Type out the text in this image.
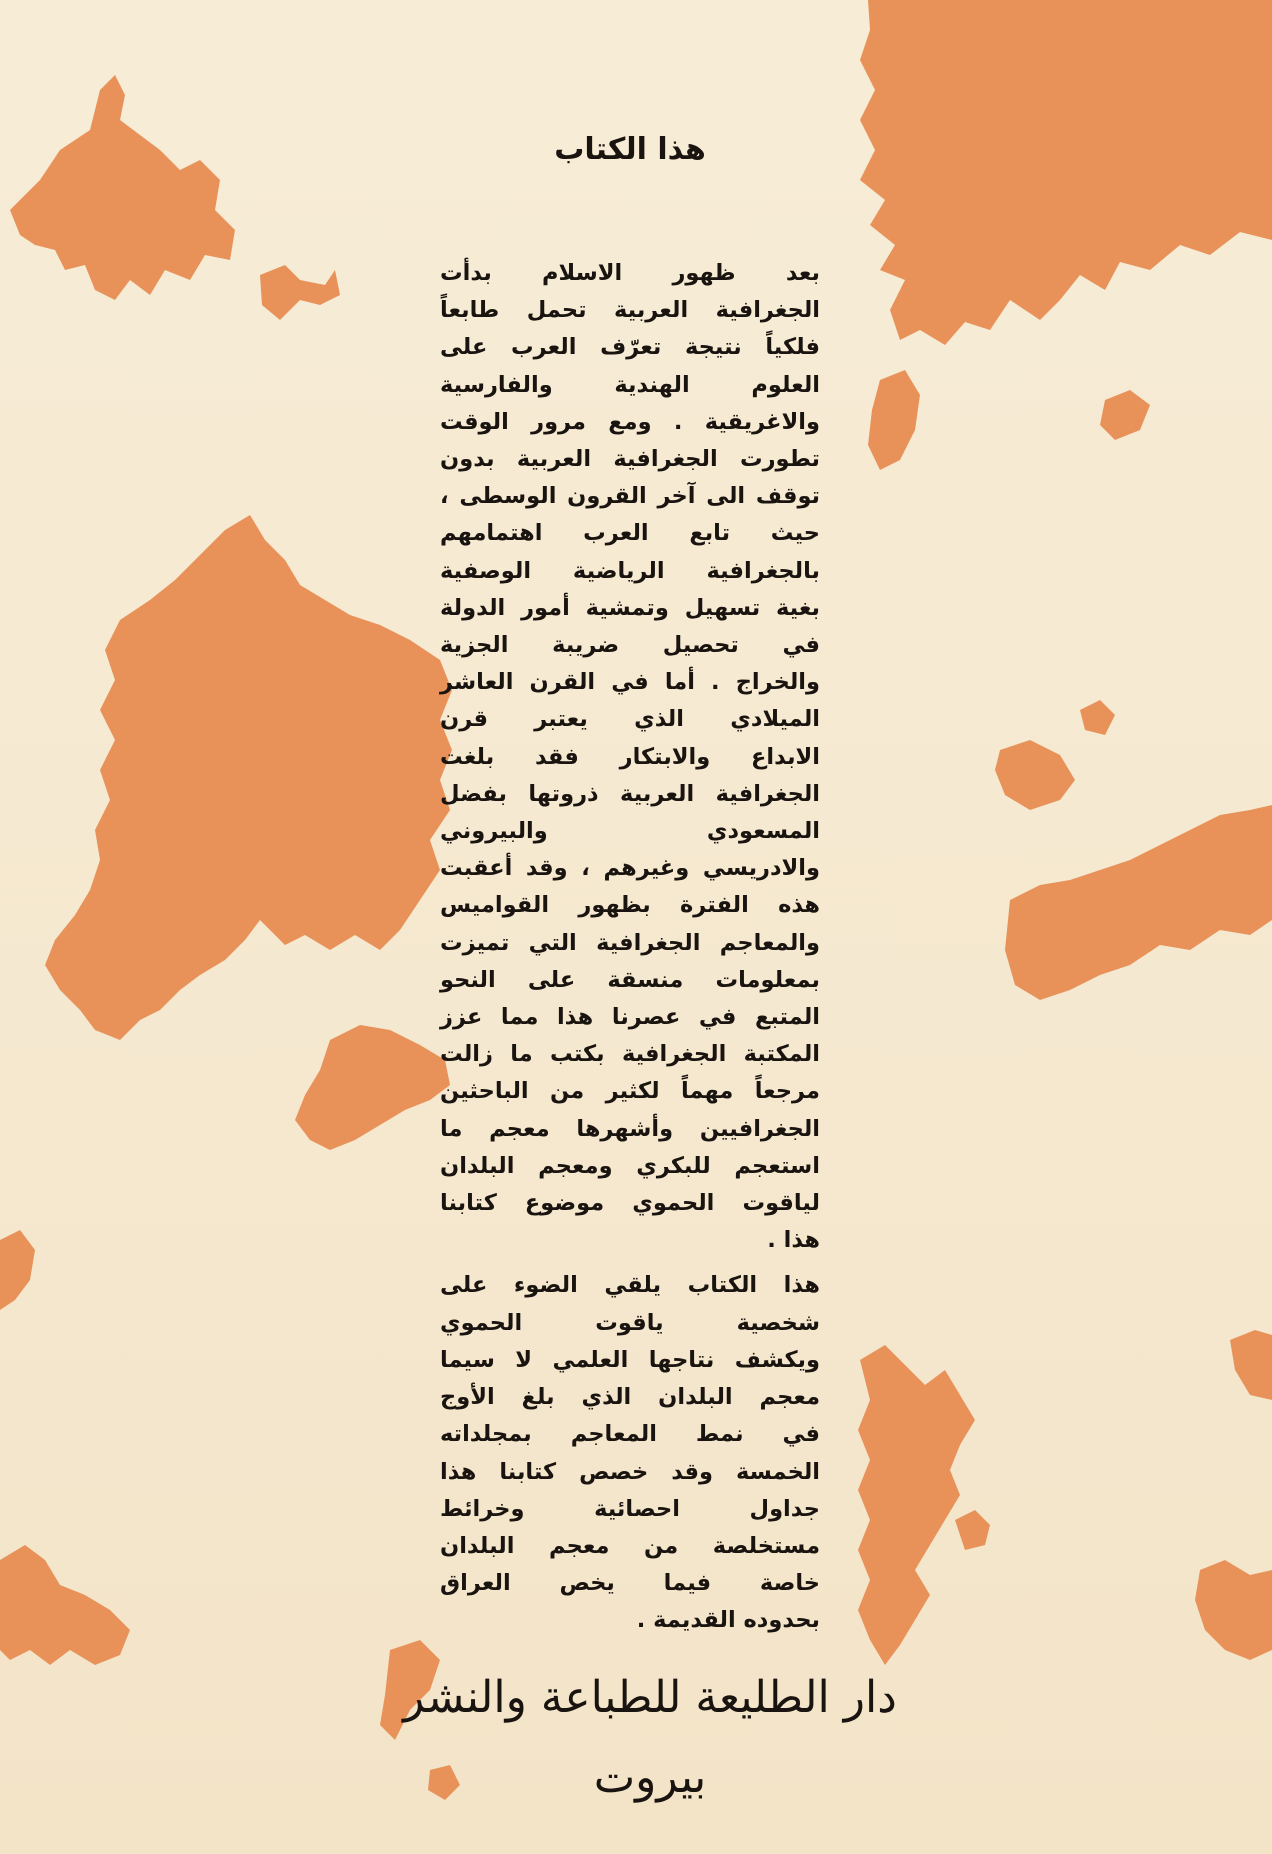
هذا الكتاب

بعد ظهور الاسلام بدأت
الجغرافية العربية تحمل طابعاً
فلكياً نتيجة تعرّف العرب على
العلوم الهندية والفارسية
والاغريقية . ومع مرور الوقت
تطورت الجغرافية العربية بدون
توقف الى آخر القرون الوسطى ،
حيث تابع العرب اهتمامهم
بالجغرافية الرياضية الوصفية
بغية تسهيل وتمشية أمور الدولة
في تحصيل ضريبة الجزية
والخراج . أما في القرن العاشر
الميلادي الذي يعتبر قرن
الابداع والابتكار فقد بلغت
الجغرافية العربية ذروتها بفضل
المسعودي والبيروني
والادريسي وغيرهم ، وقد أعقبت
هذه الفترة بظهور القواميس
والمعاجم الجغرافية التي تميزت
بمعلومات منسقة على النحو
المتبع في عصرنا هذا مما عزز
المكتبة الجغرافية بكتب ما زالت
مرجعاً مهماً لكثير من الباحثين
الجغرافيين وأشهرها معجم ما
استعجم للبكري ومعجم البلدان
لياقوت الحموي موضوع كتابنا
هذا .

هذا الكتاب يلقي الضوء على
شخصية ياقوت الحموي
ويكشف نتاجها العلمي لا سيما
معجم البلدان الذي بلغ الأوج
في نمط المعاجم بمجلداته
الخمسة وقد خصص كتابنا هذا
جداول احصائية وخرائط
مستخلصة من معجم البلدان
خاصة فيما يخص العراق
بحدوده القديمة .

دار الطليعة للطباعة والنشر
بيروت
